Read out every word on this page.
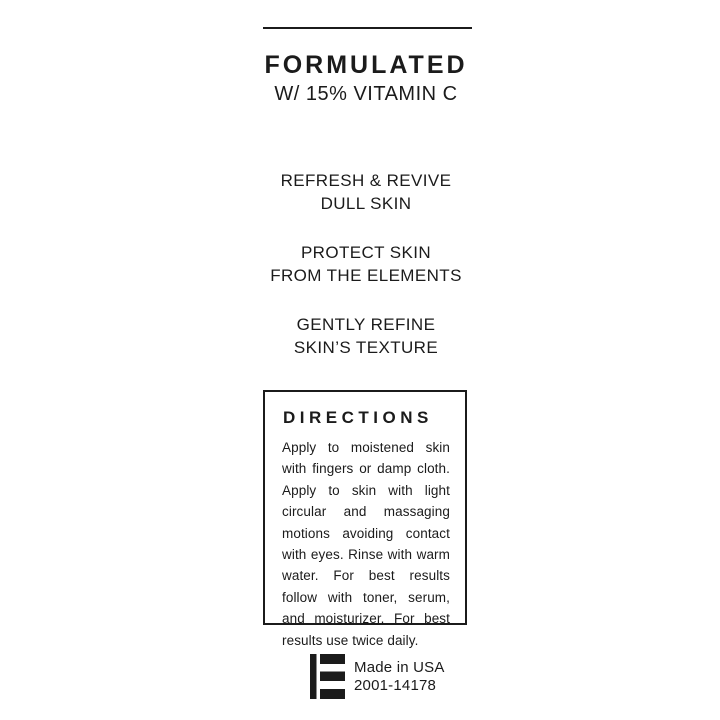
FORMULATED
W/ 15% VITAMIN C
REFRESH & REVIVE
DULL SKIN
PROTECT SKIN
FROM THE ELEMENTS
GENTLY REFINE
SKIN’S TEXTURE
DIRECTIONS

Apply to moistened skin with fingers or damp cloth. Apply to skin with light circular and massaging motions avoiding contact with eyes. Rinse with warm water. For best results follow with toner, serum, and moisturizer. For best results use twice daily.

Made in USA
2001-14178
